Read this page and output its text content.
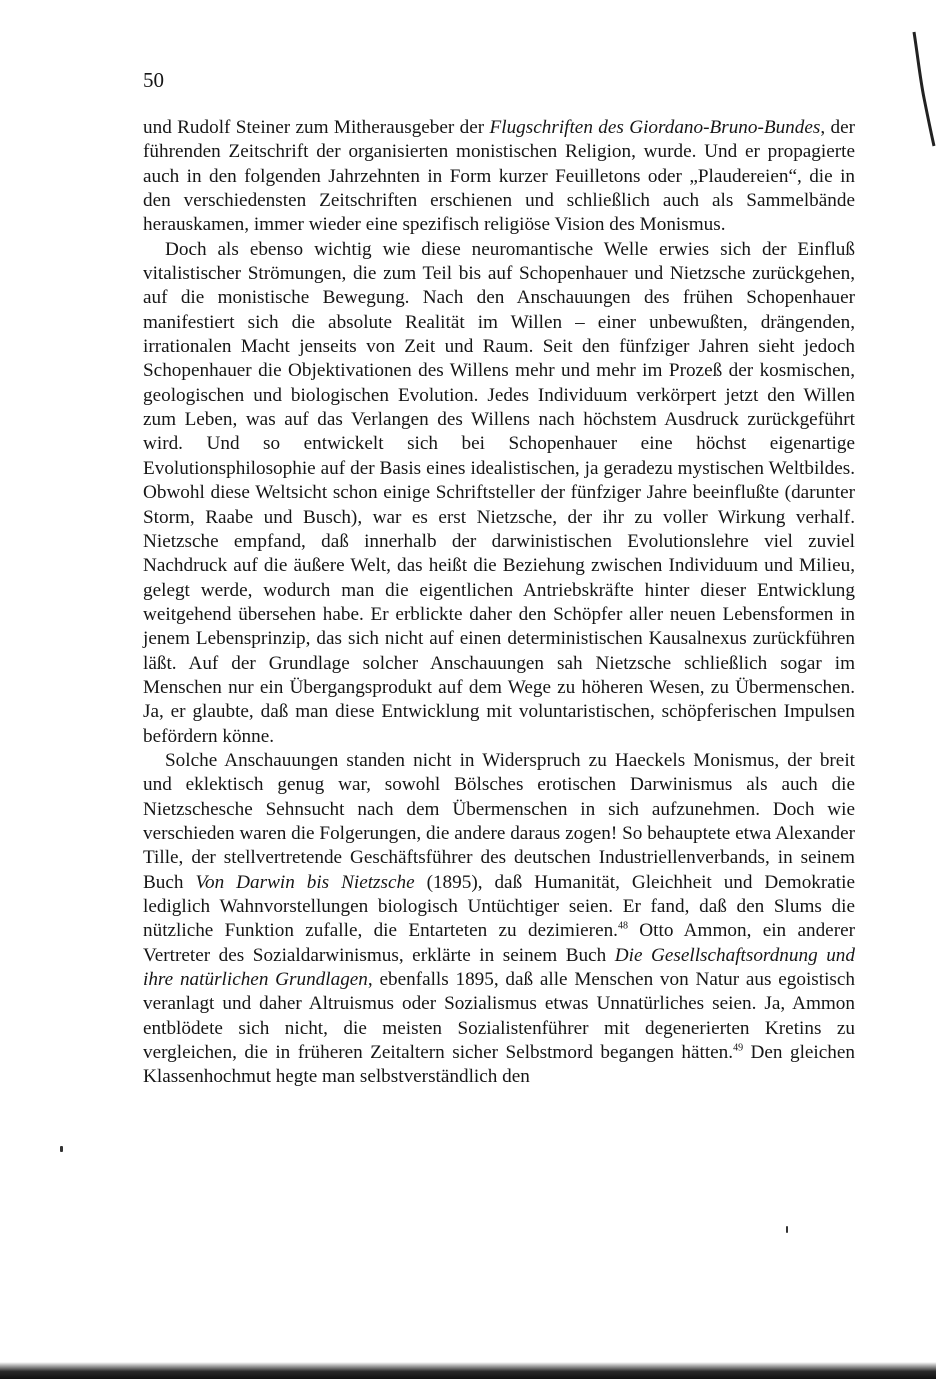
50

und Rudolf Steiner zum Mitherausgeber der Flugschriften des Giordano-Bruno-Bundes, der führenden Zeitschrift der organisierten monistischen Religion, wurde. Und er propagierte auch in den folgenden Jahrzehnten in Form kurzer Feuilletons oder „Plaudereien“, die in den verschiedensten Zeitschriften erschienen und schließlich auch als Sammelbände herauskamen, immer wieder eine spezifisch religiöse Vision des Monismus.

Doch als ebenso wichtig wie diese neuromantische Welle erwies sich der Einfluß vitalistischer Strömungen, die zum Teil bis auf Schopenhauer und Nietzsche zurückgehen, auf die monistische Bewegung. Nach den Anschauungen des frühen Schopenhauer manifestiert sich die absolute Realität im Willen – einer unbewußten, drängenden, irrationalen Macht jenseits von Zeit und Raum. Seit den fünfziger Jahren sieht jedoch Schopenhauer die Objektivationen des Willens mehr und mehr im Prozeß der kosmischen, geologischen und biologischen Evolution. Jedes Individuum verkörpert jetzt den Willen zum Leben, was auf das Verlangen des Willens nach höchstem Ausdruck zurückgeführt wird. Und so entwickelt sich bei Schopenhauer eine höchst eigenartige Evolutionsphilosophie auf der Basis eines idealistischen, ja geradezu mystischen Weltbildes. Obwohl diese Weltsicht schon einige Schriftsteller der fünfziger Jahre beeinflußte (darunter Storm, Raabe und Busch), war es erst Nietzsche, der ihr zu voller Wirkung verhalf. Nietzsche empfand, daß innerhalb der darwinistischen Evolutionslehre viel zuviel Nachdruck auf die äußere Welt, das heißt die Beziehung zwischen Individuum und Milieu, gelegt werde, wodurch man die eigentlichen Antriebskräfte hinter dieser Entwicklung weitgehend übersehen habe. Er erblickte daher den Schöpfer aller neuen Lebensformen in jenem Lebensprinzip, das sich nicht auf einen deterministischen Kausalnexus zurückführen läßt. Auf der Grundlage solcher Anschauungen sah Nietzsche schließlich sogar im Menschen nur ein Übergangsprodukt auf dem Wege zu höheren Wesen, zu Übermenschen. Ja, er glaubte, daß man diese Entwicklung mit voluntaristischen, schöpferischen Impulsen befördern könne.

Solche Anschauungen standen nicht in Widerspruch zu Haeckels Monismus, der breit und eklektisch genug war, sowohl Bölsches erotischen Darwinismus als auch die Nietzschesche Sehnsucht nach dem Übermenschen in sich aufzunehmen. Doch wie verschieden waren die Folgerungen, die andere daraus zogen! So behauptete etwa Alexander Tille, der stellvertretende Geschäftsführer des deutschen Industriellenverbands, in seinem Buch Von Darwin bis Nietzsche (1895), daß Humanität, Gleichheit und Demokratie lediglich Wahnvorstellungen biologisch Untüchtiger seien. Er fand, daß den Slums die nützliche Funktion zufalle, die Entarteten zu dezimieren.$^{48}$ Otto Ammon, ein anderer Vertreter des Sozialdarwinismus, erklärte in seinem Buch Die Gesellschaftsordnung und ihre natürlichen Grundlagen, ebenfalls 1895, daß alle Menschen von Natur aus egoistisch veranlagt und daher Altruismus oder Sozialismus etwas Unnatürliches seien. Ja, Ammon entblödete sich nicht, die meisten Sozialistenführer mit degenerierten Kretins zu vergleichen, die in früheren Zeitaltern sicher Selbstmord begangen hätten.$^{49}$ Den gleichen Klassenhochmut hegte man selbstverständlich den
